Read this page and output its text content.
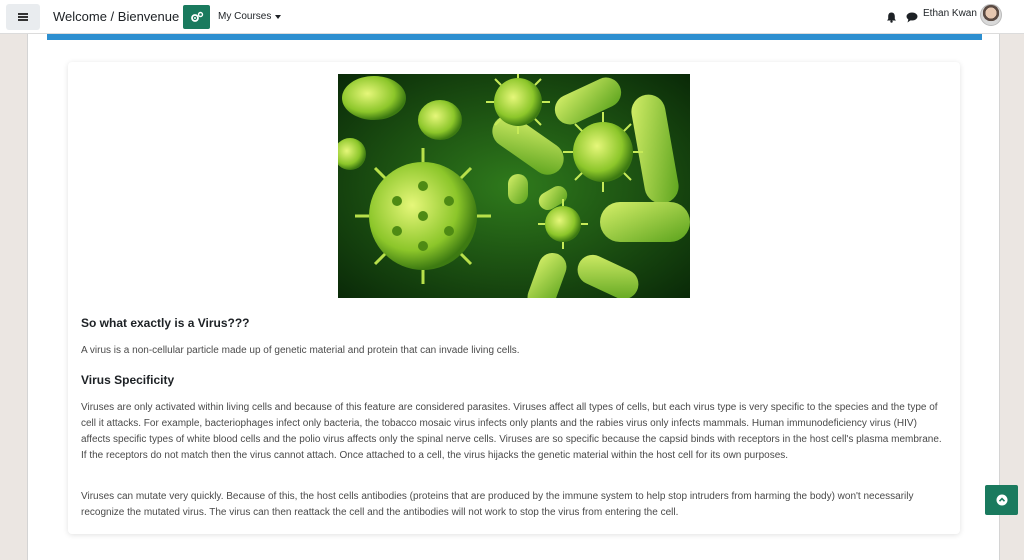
Welcome / Bienvenue	My Courses	Ethan Kwan
So what exactly is a Virus???
A virus is a non-cellular particle made up of genetic material and protein that can invade living cells.
Virus Specificity
Viruses are only activated within living cells and because of this feature are considered parasites. Viruses affect all types of cells, but each virus type is very specific to the species and the type of cell it attacks. For example, bacteriophages infect only bacteria, the tobacco mosaic virus infects only plants and the rabies virus only infects mammals. Human immunodeficiency virus (HIV) affects specific types of white blood cells and the polio virus affects only the spinal nerve cells. Viruses are so specific because the capsid binds with receptors in the host cell's plasma membrane. If the receptors do not match then the virus cannot attach. Once attached to a cell, the virus hijacks the genetic material within the host cell for its own purposes.
Viruses can mutate very quickly. Because of this, the host cells antibodies (proteins that are produced by the immune system to help stop intruders from harming the body) won't necessarily recognize the mutated virus. The virus can then reattack the cell and the antibodies will not work to stop the virus from entering the cell.
